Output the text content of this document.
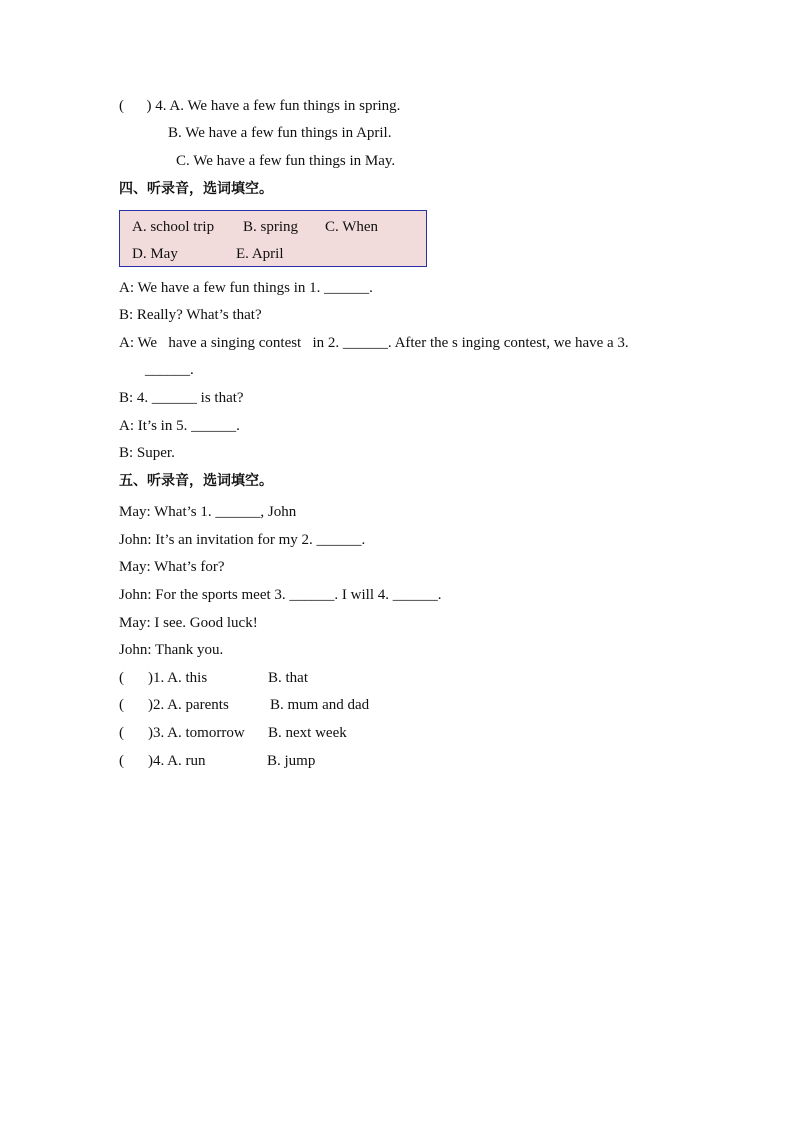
(      ) 4. A. We have a few fun things in spring.
B. We have a few fun things in April.
C. We have a few fun things in May.
四、听录音，选词填空。
A. school trip B. spring C. When
D. May	E. April
A: We have a few fun things in 1. ______.
B: Really? What’s that?
A: We   have a singing contest   in 2. ______. After the s inging contest, we have a 3.
______.
B: 4. ______ is that?
A: It’s in 5. ______.
B: Super.
五、听录音，选词填空。
May: What’s 1. ______, John
John: It’s an invitation for my 2. ______.
May: What’s for?
John: For the sports meet 3. ______. I will 4. ______.
May: I see. Good luck!
John: Thank you.
( )1. A. this	B. that
( )2. A. parents	B. mum and dad
( )3. A. tomorrow B. next week
( )4. A. run	B. jump
